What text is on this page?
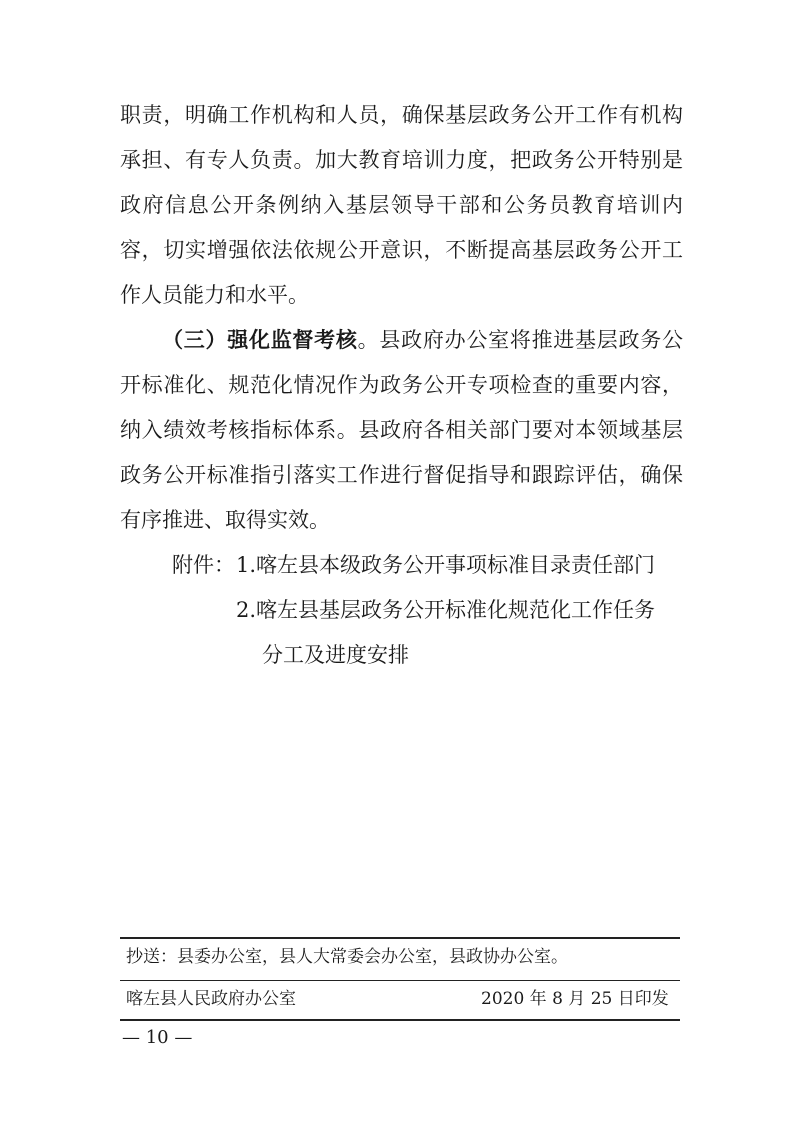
职责，明确工作机构和人员，确保基层政务公开工作有机构
承担、有专人负责。加大教育培训力度，把政务公开特别是
政府信息公开条例纳入基层领导干部和公务员教育培训内
容，切实增强依法依规公开意识，不断提高基层政务公开工
作人员能力和水平。
（三）强化监督考核。县政府办公室将推进基层政务公
开标准化、规范化情况作为政务公开专项检查的重要内容，
纳入绩效考核指标体系。县政府各相关部门要对本领域基层
政务公开标准指引落实工作进行督促指导和跟踪评估，确保
有序推进、取得实效。
附件： 1.喀左县本级政务公开事项标准目录责任部门
2.喀左县基层政务公开标准化规范化工作任务
分工及进度安排
抄送：县委办公室，县人大常委会办公室，县政协办公室。
喀左县人民政府办公室	2020 年 8 月 25 日印发
— 10 —
